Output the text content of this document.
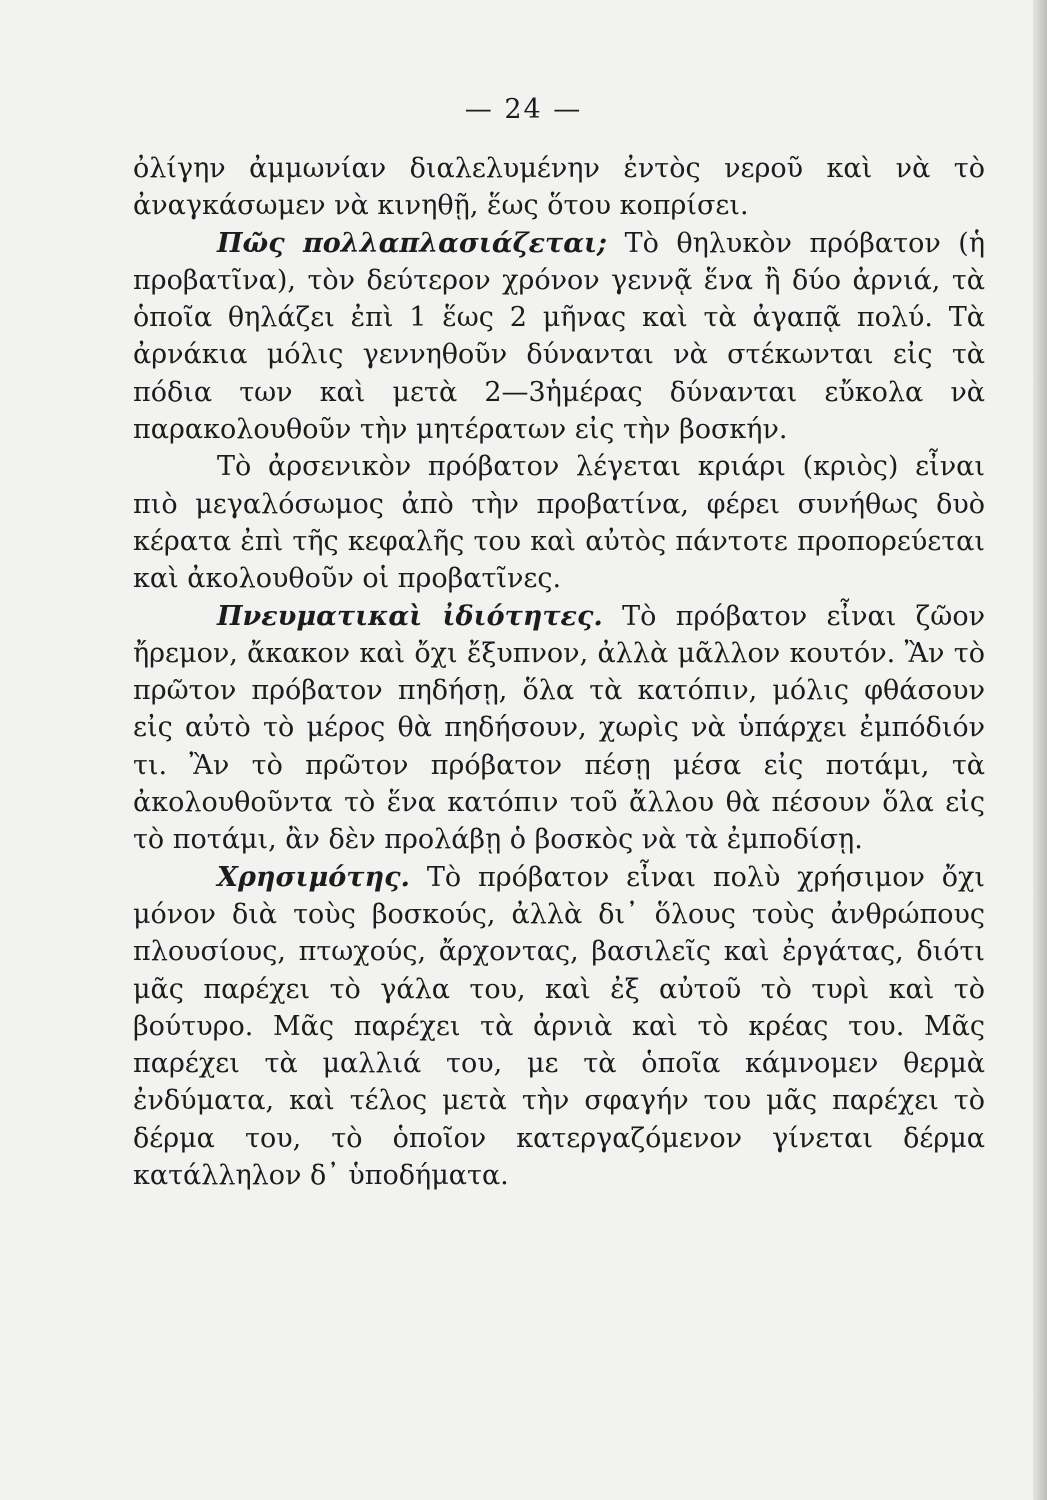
— 24 —

ὀλίγην ἀμμωνίαν διαλελυμένην ἐντὸς νεροῦ καὶ νὰ τὸ ἀναγκάσωμεν νὰ κινηθῇ, ἕως ὅτου κοπρίσει.

Πῶς πολλαπλασιάζεται; Τὸ θηλυκὸν πρόβατον (ἡ προβατῖνα), τὸν δεύτερον χρόνον γεννᾷ ἕνα ἢ δύο ἀρνιά, τὰ ὁποῖα θηλάζει ἐπὶ 1 ἕως 2 μῆνας καὶ τὰ ἀγαπᾷ πολύ. Τὰ ἀρνάκια μόλις γεννηθοῦν δύνανται νὰ στέκωνται εἰς τὰ πόδια των καὶ μετὰ 2—3ἡμέρας δύνανται εὔκολα νὰ παρακολουθοῦν τὴν μητέρατων εἰς τὴν βοσκήν.

Τὸ ἀρσενικὸν πρόβατον λέγεται κριάρι (κριὸς) εἶναι πιὸ μεγαλόσωμος ἀπὸ τὴν προβατίνα, φέρει συνήθως δυὸ κέρατα ἐπὶ τῆς κεφαλῆς του καὶ αὐτὸς πάντοτε προπορεύεται καὶ ἀκολουθοῦν οἱ προβατῖνες.

Πνευματικαὶ ἰδιότητες. Τὸ πρόβατον εἶναι ζῶον ἤρεμον, ἄκακον καὶ ὄχι ἔξυπνον, ἀλλὰ μᾶλλον κουτόν. Ἂν τὸ πρῶτον πρόβατον πηδήσῃ, ὅλα τὰ κατόπιν, μόλις φθάσουν εἰς αὐτὸ τὸ μέρος θὰ πηδήσουν, χωρὶς νὰ ὑπάρχει ἐμπόδιόν τι. Ἂν τὸ πρῶτον πρόβατον πέσῃ μέσα εἰς ποτάμι, τὰ ἀκολουθοῦντα τὸ ἕνα κατόπιν τοῦ ἄλλου θὰ πέσουν ὅλα εἰς τὸ ποτάμι, ἂν δὲν προλάβῃ ὁ βοσκὸς νὰ τὰ ἐμποδίσῃ.

Χρησιμότης. Τὸ πρόβατον εἶναι πολὺ χρήσιμον ὄχι μόνον διὰ τοὺς βοσκούς, ἀλλὰ δι᾿ ὅλους τοὺς ἀνθρώπους πλουσίους, πτωχούς, ἄρχοντας, βασιλεῖς καὶ ἐργάτας, διότι μᾶς παρέχει τὸ γάλα του, καὶ ἐξ αὐτοῦ τὸ τυρὶ καὶ τὸ βούτυρο. Μᾶς παρέχει τὰ ἀρνιὰ καὶ τὸ κρέας του. Μᾶς παρέχει τὰ μαλλιά του, με τὰ ὁποῖα κάμνομεν θερμὰ ἐνδύματα, καὶ τέλος μετὰ τὴν σφαγήν του μᾶς παρέχει τὸ δέρμα του, τὸ ὁποῖον κατεργαζόμενον γίνεται δέρμα κατάλληλον δ᾿ ὑποδήματα.
